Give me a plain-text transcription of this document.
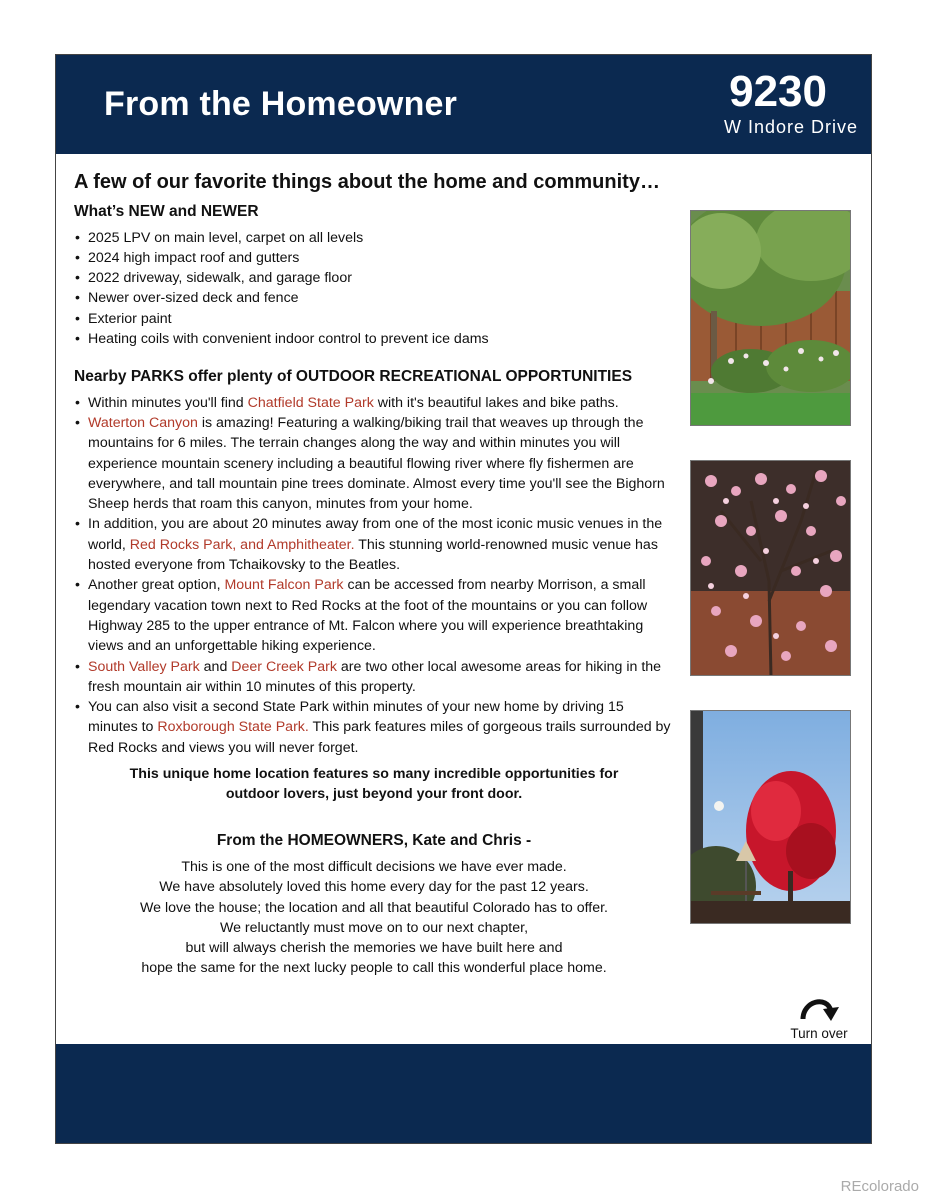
From the Homeowner	9230
W Indore Drive
A few of our favorite things about the home and community…
What’s NEW and NEWER
• 2025 LPV on main level, carpet on all levels
• 2024 high impact roof and gutters
• 2022 driveway, sidewalk, and garage floor
• Newer over-sized deck and fence
• Exterior paint
• Heating coils with convenient indoor control to prevent ice dams
Nearby PARKS offer plenty of OUTDOOR RECREATIONAL OPPORTUNITIES
• Within minutes you'll find Chatfield State Park with it's beautiful lakes and bike paths.
• Waterton Canyon is amazing! Featuring a walking/biking trail that weaves up through the mountains for 6 miles. The terrain changes along the way and within minutes you will experience mountain scenery including a beautiful flowing river where fly fishermen are everywhere, and tall mountain pine trees dominate. Almost every time you'll see the Bighorn Sheep herds that roam this canyon, minutes from your home.
• In addition, you are about 20 minutes away from one of the most iconic music venues in the world, Red Rocks Park, and Amphitheater. This stunning world-renowned music venue has hosted everyone from Tchaikovsky to the Beatles.
• Another great option, Mount Falcon Park can be accessed from nearby Morrison, a small legendary vacation town next to Red Rocks at the foot of the mountains or you can follow Highway 285 to the upper entrance of Mt. Falcon where you will experience breathtaking views and an unforgettable hiking experience.
• South Valley Park and Deer Creek Park are two other local awesome areas for hiking in the fresh mountain air within 10 minutes of this property.
• You can also visit a second State Park within minutes of your new home by driving 15 minutes to Roxborough State Park. This park features miles of gorgeous trails surrounded by Red Rocks and views you will never forget.
This unique home location features so many incredible opportunities for
outdoor lovers, just beyond your front door.
From the HOMEOWNERS, Kate and Chris -
This is one of the most difficult decisions we have ever made.
We have absolutely loved this home every day for the past 12 years.
We love the house; the location and all that beautiful Colorado has to offer.
We reluctantly must move on to our next chapter,
but will always cherish the memories we have built here and
hope the same for the next lucky people to call this wonderful place home.
Turn over
REcolorado
